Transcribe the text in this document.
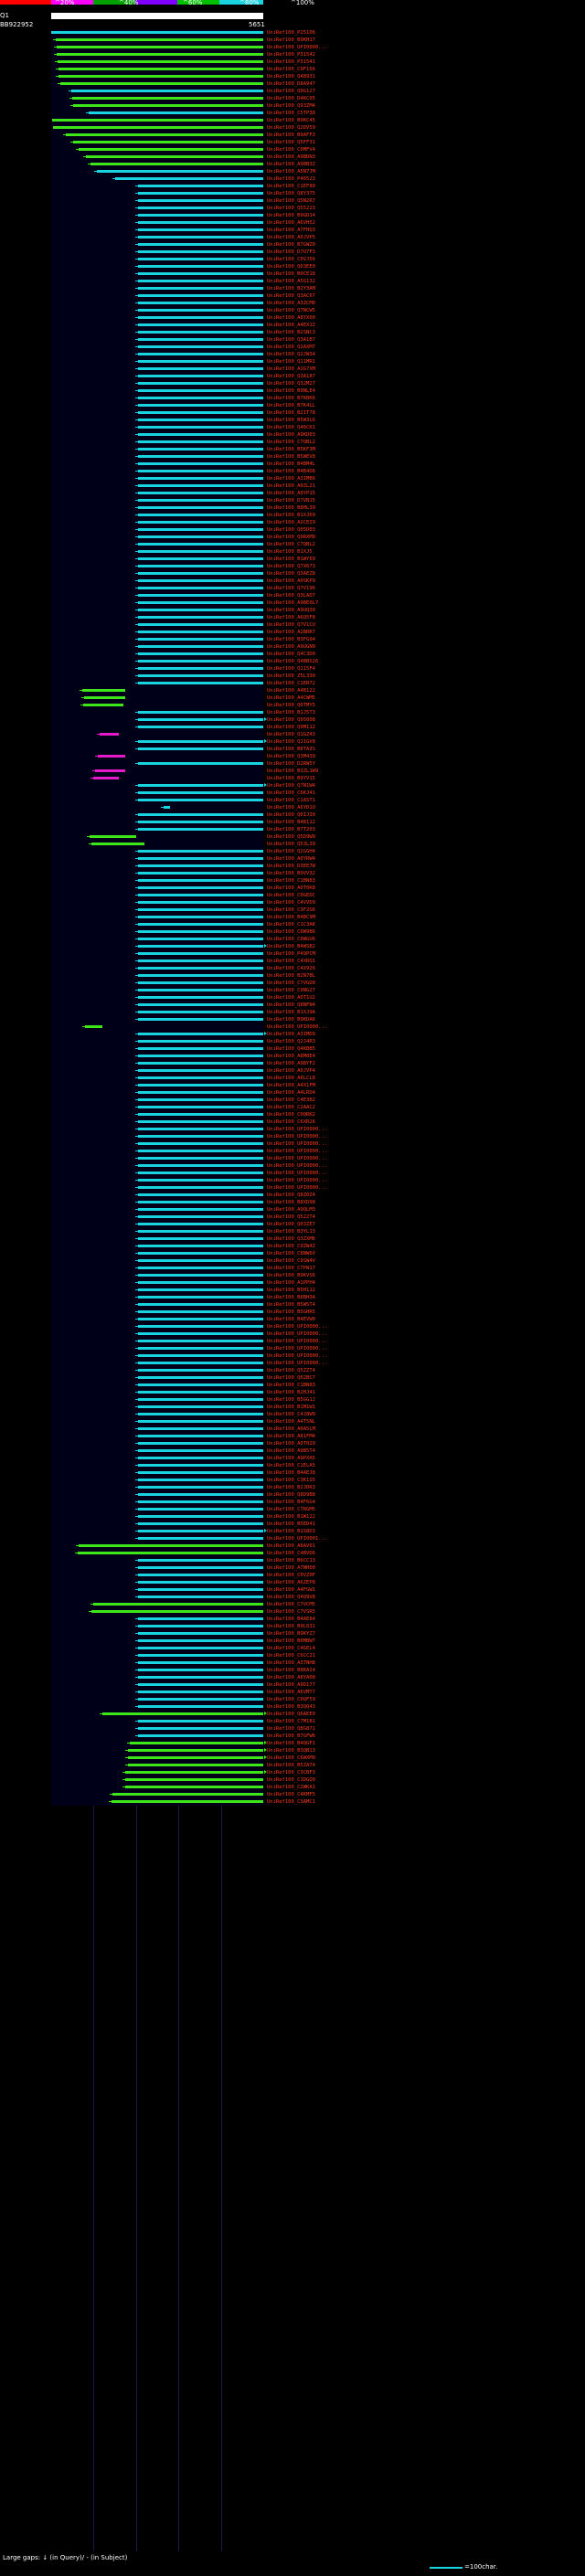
^20%	^40%	^60%	^80%	^100%
BB922952
Q1
5651
UniRef100_P25106
UniRef100_B9KH17
UniRef100_UPI0000...
UniRef100_P31542
UniRef100_P31541
UniRef100_C9F156
UniRef100_Q48931
UniRef100_D8A947
UniRef100_Q9G127
UniRef100_D4KC05
UniRef100_Q93ZM4
UniRef100_C5TP38
UniRef100_B9KC45
UniRef100_Q2DV59
UniRef100_B9AFF3
UniRef100_Q5FF31
UniRef100_C0MFV4
UniRef100_A9BDN3
UniRef100_A9BB3Z
UniRef100_A5N7JM
UniRef100_P46523
UniRef100_C1EF80
UniRef100_Q8Y375
UniRef100_Q5N2R7
UniRef100_Q55223
UniRef100_B9GD14
UniRef100_A6VH52
UniRef100_A7FHQ3
UniRef100_A0JVP5
UniRef100_B7GWZ0
UniRef100_D7U7F3
UniRef100_C0VJ56
UniRef100_Q03EE0
UniRef100_B0CE18
UniRef100_A5G132
UniRef100_B2Y3AM
UniRef100_Q3AC67
UniRef100_A3ZCM0
UniRef100_Q7NCW5
UniRef100_A8YX00
UniRef100_A4EX1Z
UniRef100_B2SNC3
UniRef100_Q3A1B7
UniRef100_Q1AXM7
UniRef100_Q2JW34
UniRef100_Q11MR1
UniRef100_A1G7XM
UniRef100_Q3A187
UniRef100_Q32M27
UniRef100_B9NLE4
UniRef100_B7KBK6
UniRef100_B7K4LL
UniRef100_B2IT78
UniRef100_B5W3L6
UniRef100_Q46CK1
UniRef100_A9KD03
UniRef100_C7QBL2
UniRef100_B5KF3M
UniRef100_B5WEV8
UniRef100_B4BM4L
UniRef100_B4B4D6
UniRef100_A3IMB6
UniRef100_A0ZL21
UniRef100_A0YP15
UniRef100_D7VB15
UniRef100_B8HL39
UniRef100_B1XJ69
UniRef100_A2CEI9
UniRef100_Q05D03
UniRef100_Q9RXM9
UniRef100_C7QBL2
UniRef100_B1XJ5
UniRef100_B1WY69
UniRef100_Q7X673
UniRef100_Q3AEZ8
UniRef100_A0SKP9
UniRef100_Q7V196
UniRef100_Q3LAD7
UniRef100_A9BE0L7
UniRef100_A9UQ30
UniRef100_A6Q5F8
UniRef100_Q7V1CU
UniRef100_A2BRR7
UniRef100_B3FG94
UniRef100_A9UGN9
UniRef100_Q4C3D0
UniRef100_Q4BBS26
UniRef100_Q115F4
UniRef100_Z5L330
UniRef100_C1ER72
UniRef100_A4B122
UniRef100_A4CWM5
UniRef100_Q0TMY5
UniRef100_B1J5T3
UniRef100_Q95008
UniRef100_Q9M112
UniRef100_Q1GZ43
UniRef100_Q11GV8
UniRef100_B8TA3S
UniRef100_Q3M439
UniRef100_D2RW5Y
UniRef100_B3ZL1W9
UniRef100_B9YV15
UniRef100_Q7N1W4
UniRef100_C6KJ41
UniRef100_C1A5T1
UniRef100_A6YD1U
UniRef100_Q0IJ30
UniRef100_B4B112
UniRef100_B7T203
UniRef100_Q5D9W9
UniRef100_Q53L39
UniRef100_Q2GGH4
UniRef100_A0YRW4
UniRef100_D3EE7W
UniRef100_B9VV32
UniRef100_C1BN83
UniRef100_A0T0K8
UniRef100_C0GEDC
UniRef100_C4VVD9
UniRef100_C3F2G6
UniRef100_B4BC9M
UniRef100_C1C3AK
UniRef100_C0W9B6
UniRef100_C0WGU6
UniRef100_B4WSB2
UniRef100_P49PCM
UniRef100_C4XRQ1
UniRef100_C4X926
UniRef100_B2N7BL
UniRef100_C7VGD0
UniRef100_C9NG27
UniRef100_A0T1U2
UniRef100_Q8NFN4
UniRef100_B1XJ9A
UniRef100_B9KDA6
UniRef100_UPI0000...
UniRef100_A3IMD9
UniRef100_Q2J4R3
UniRef100_Q4KBB5
UniRef100_A8M8E4
UniRef100_A9BYF2
UniRef100_A0JVP4
UniRef100_A6LCL8
UniRef100_A4X1FM
UniRef100_A4LRD4
UniRef100_C4E3B2
UniRef100_C2AAC2
UniRef100_C0QRK2
UniRef100_C6XR26
UniRef100_UPI0000...
UniRef100_UPI0000...
UniRef100_UPI0000...
UniRef100_UPI0000...
UniRef100_UPI0000...
UniRef100_UPI0000...
UniRef100_UPI0000...
UniRef100_UPI0000...
UniRef100_UPI0000...
UniRef100_Q8Z0Z4
UniRef100_B8XD98
UniRef100_A9QLM3
UniRef100_Q522T4
UniRef100_Q03ZE7
UniRef100_B3YL13
UniRef100_Q3ZXM6
UniRef100_C9ZW4Z
UniRef100_C8NW6V
UniRef100_C9SW4V
UniRef100_C7PW17
UniRef100_B9KVS6
UniRef100_A1PPH4
UniRef100_B5H112
UniRef100_B8BH3A
UniRef100_B5W5T4
UniRef100_B5GHR5
UniRef100_B4EVW0
UniRef100_UPI0000...
UniRef100_UPI0000...
UniRef100_UPI0000...
UniRef100_UPI0000...
UniRef100_UPI0000...
UniRef100_UPI0000...
UniRef100_Q5ZZT4
UniRef100_Q02BC7
UniRef100_C1BN83
UniRef100_B2HJ41
UniRef100_B5GG1J
UniRef100_B1M1W1
UniRef100_C4J8W9
UniRef100_A4T5NL
UniRef100_A0A5LM
UniRef100_A81FM4
UniRef100_A0T029
UniRef100_A9B5T4
UniRef100_A9PXA5
UniRef100_C1ELA5
UniRef100_B4AEJ8
UniRef100_C3K1S5
UniRef100_B2JDK3
UniRef100_Q8D9B8
UniRef100_B4F6G4
UniRef100_C7RGM5
UniRef100_B1W122
UniRef100_B5ED41
UniRef100_B1S8D3
UniRef100_UPI0001...
UniRef100_A8AV01
UniRef100_C4BVD6
UniRef100_B6CC13
UniRef100_A7NH00
UniRef100_C0VZ0F
UniRef100_A6ZEP8
UniRef100_A4FGW1
UniRef100_Q4Q9V8
UniRef100_C7VCM5
UniRef100_C7VSR5
UniRef100_B4AE84
UniRef100_B9L031
UniRef100_B9KYZ7
UniRef100_B0MBW7
UniRef100_C4GEL4
UniRef100_C6CC21
UniRef100_A3TNH8
UniRef100_B8KAI4
UniRef100_A8YA08
UniRef100_A9D177
UniRef100_A6VMT7
UniRef100_C0QF59
UniRef100_B3QQ43
UniRef100_Q6AEE0
UniRef100_C7M1B1
UniRef100_Q8G871
UniRef100_B7GFW6
UniRef100_B4QGF1
UniRef100_B3QB13
UniRef100_C6WXM9
UniRef100_B5ZAT4
UniRef100_C3CBF3
UniRef100_C1DGQ9
UniRef100_C2WKA1
UniRef100_C4KMF5
UniRef100_C3AMC1
Large gaps: ↓ (in Query)/ - (in Subject)
=100char.
